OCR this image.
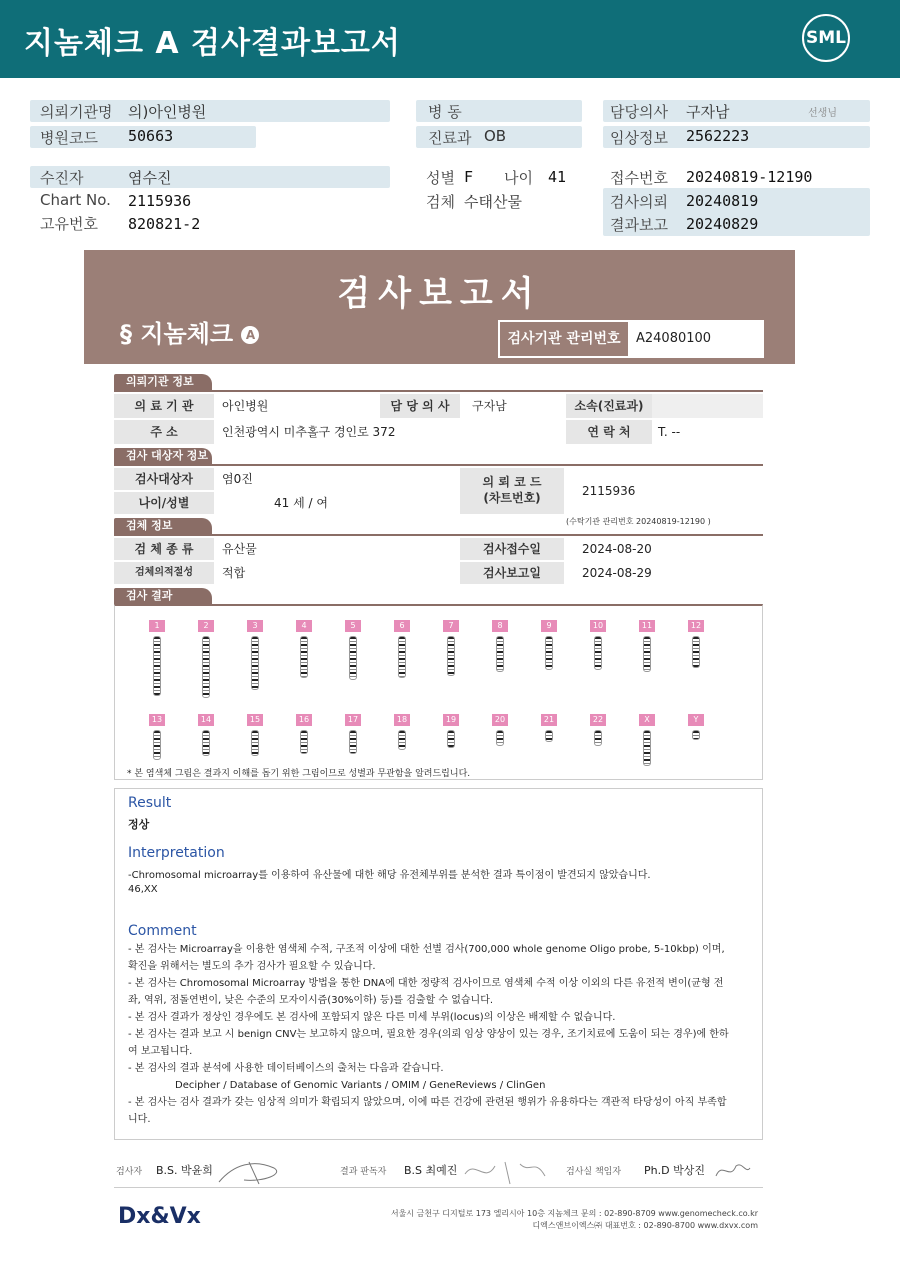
지놈체크 A 검사결과보고서	SML
의뢰기관명 의)아인병원
병원코드 50663
병 동
진료과 OB
담당의사 구자남	선생님
임상정보 2562223
수진자	염수진
Chart No. 2115936
고유번호 820821-2
성별 F 나이 41
검체 수태산물
접수번호 20240819-12190
검사의뢰 20240819
결과보고 20240829
검사보고서
§ 지놈체크 A	검사기관 관리번호	A24080100
의뢰기관 정보
의 료 기 관	아인병원	담 당 의 사	구자남	소속(진료과)
주 소	인천광역시 미추홀구 경인로 372	연 락 처	T. --
검사 대상자 정보
검사대상자	염0진
나이/성별	41 세 / 여
의 뢰 코 드
(차트번호)	2115936
(수탁기관 관리번호 20240819-12190 )
검체 정보
검 체 종 류	유산물	검사접수일	2024-08-20
검체의적절성	적합	검사보고일	2024-08-29
검사 결과
1	2	3	4	5	6	7	8	9	10	11	12
13	14	15	16	17	18	19	20	21	22	X	Y
* 본 염색체 그림은 결과지 이해를 돕기 위한 그림이므로 성별과 무관함을 알려드립니다.
Result
정상
Interpretation
-Chromosomal microarray를 이용하여 유산물에 대한 해당 유전체부위를 분석한 결과 특이점이 발견되지 않았습니다.
46,XX
Comment
- 본 검사는 Microarray을 이용한 염색체 수적, 구조적 이상에 대한 선별 검사(700,000 whole genome Oligo probe, 5-10kbp) 이며,
확진을 위해서는 별도의 추가 검사가 필요할 수 있습니다.
- 본 검사는 Chromosomal Microarray 방법을 통한 DNA에 대한 정량적 검사이므로 염색체 수적 이상 이외의 다른 유전적 변이(균형 전
좌, 역위, 점돌연변이, 낮은 수준의 모자이시즘(30%이하) 등)를 검출할 수 없습니다.
- 본 검사 결과가 정상인 경우에도 본 검사에 포함되지 않은 다른 미세 부위(locus)의 이상은 배제할 수 없습니다.
- 본 검사는 결과 보고 시 benign CNV는 보고하지 않으며, 필요한 경우(의뢰 임상 양상이 있는 경우, 조기치료에 도움이 되는 경우)에 한하
여 보고됩니다.
- 본 검사의 결과 분석에 사용한 데이터베이스의 출처는 다음과 같습니다.
Decipher / Database of Genomic Variants / OMIM / GeneReviews / ClinGen
- 본 검사는 검사 결과가 갖는 임상적 의미가 확립되지 않았으며, 이에 따른 건강에 관련된 행위가 유용하다는 객관적 타당성이 아직 부족합
니다.
검사자 B.S. 박윤희	결과 판독자 B.S 최예진	검사실 책임자 Ph.D 박상진
Dx&Vx	서울시 금천구 디지털로 173 엘리시아 10층 지놈체크 문의 : 02-890-8709 www.genomecheck.co.kr
디엑스앤브이엑스㈜ 대표번호 : 02-890-8700 www.dxvx.com
